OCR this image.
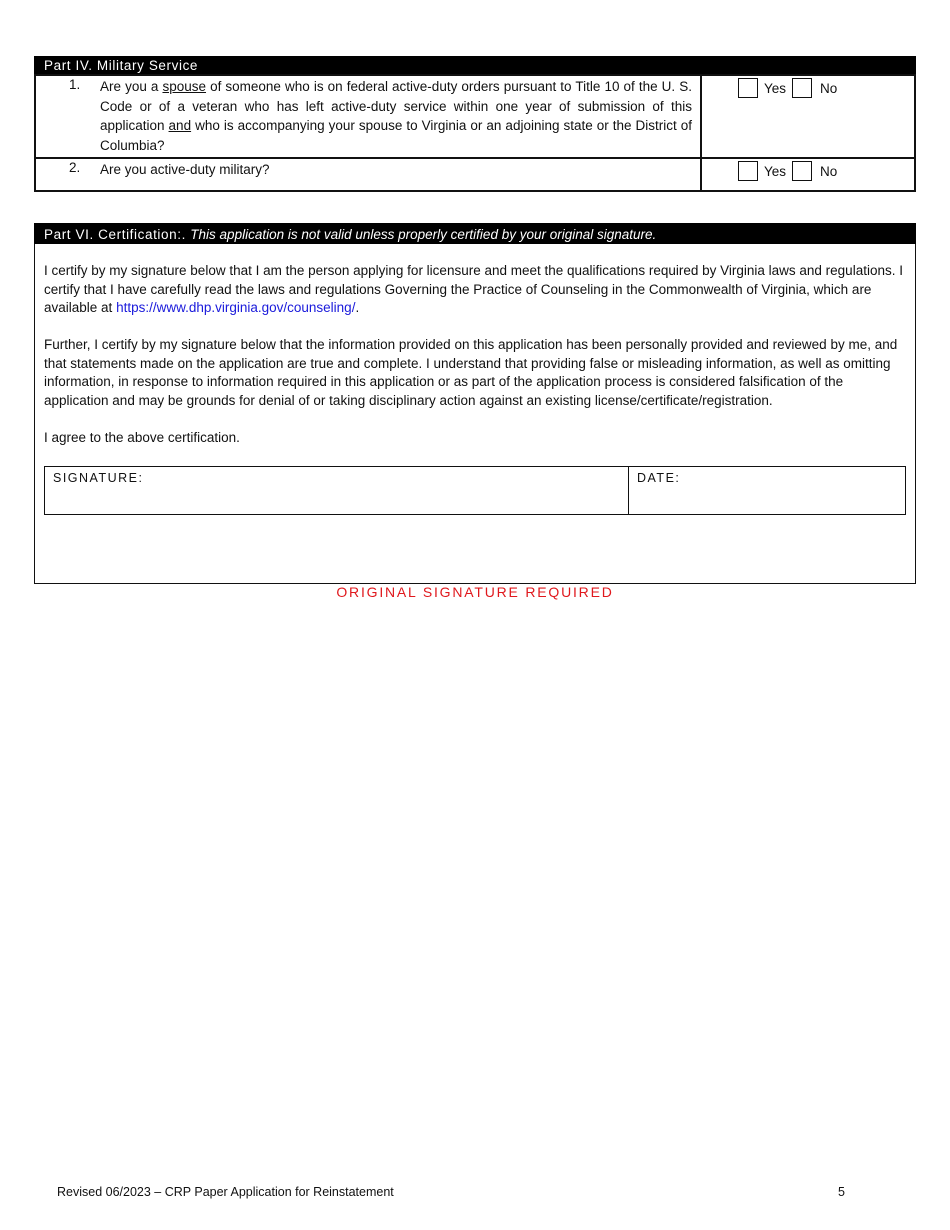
Part IV. Military Service
1. Are you a spouse of someone who is on federal active-duty orders pursuant to Title 10 of the U. S. Code or of a veteran who has left active-duty service within one year of submission of this application and who is accompanying your spouse to Virginia or an adjoining state or the District of Columbia?	Yes No

2. Are you active-duty military?	Yes No
Part VI. Certification:. This application is not valid unless properly certified by your original signature.

I certify by my signature below that I am the person applying for licensure and meet the qualifications required by Virginia laws and regulations. I certify that I have carefully read the laws and regulations Governing the Practice of Counseling in the Commonwealth of Virginia, which are available at https://www.dhp.virginia.gov/counseling/.

Further, I certify by my signature below that the information provided on this application has been personally provided and reviewed by me, and that statements made on the application are true and complete. I understand that providing false or misleading information, as well as omitting information, in response to information required in this application or as part of the application process is considered falsification of the application and may be grounds for denial of or taking disciplinary action against an existing license/certificate/registration.

I agree to the above certification.

SIGNATURE:	DATE:
ORIGINAL SIGNATURE REQUIRED
Revised 06/2023 – CRP Paper Application for Reinstatement	5
